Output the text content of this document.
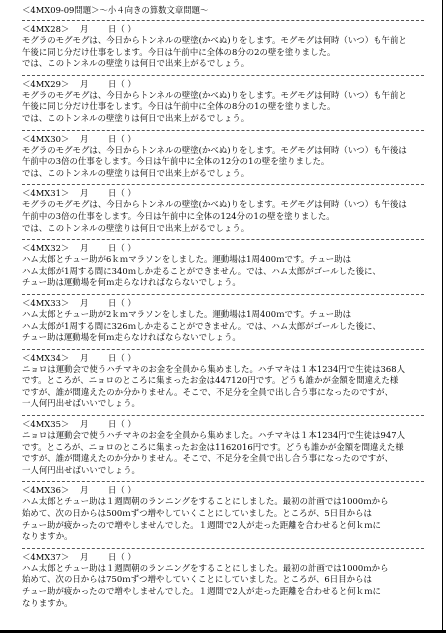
＜4MX09-09問題＞〜小４向きの算数文章問題〜
＜4MX28＞ 月 日（ ）
モグラのモグモグは、今日からトンネルの壁塗(かべぬ)りをします。モグモグは何時（いつ）も午前と
午後に同じ分だけ仕事をします。今日は午前中に全体の8分の2の壁を塗りました。
では、このトンネルの壁塗りは何日で出来上がるでしょう。
＜4MX29＞ 月 日（ ）
モグラのモグモグは、今日からトンネルの壁塗(かべぬ)りをします。モグモグは何時（いつ）も午前と
午後に同じ分だけ仕事をします。今日は午前中に全体の8分の1の壁を塗りました。
では、このトンネルの壁塗りは何日で出来上がるでしょう。
＜4MX30＞ 月 日（ ）
モグラのモグモグは、今日からトンネルの壁塗(かべぬ)りをします。モグモグは何時（いつ）も午後は
午前中の3倍の仕事をします。今日は午前中に全体の12分の1の壁を塗りました。
では、このトンネルの壁塗りは何日で出来上がるでしょう。
＜4MX31＞ 月 日（ ）
モグラのモグモグは、今日からトンネルの壁塗(かべぬ)りをします。モグモグは何時（いつ）も午後は
午前中の3倍の仕事をします。今日は午前中に全体の124分の1の壁を塗りました。
では、このトンネルの壁塗りは何日で出来上がるでしょう。
＜4MX32＞ 月 日（ ）
ハム太郎とチュー助が6ｋｍマラソンをしました。運動場は1周400ｍです。チュー助は
ハム太郎が1周する間に340ｍしか走ることができません。では、ハム太郎がゴールした後に、
チュー助は運動場を何ｍ走らなければならないでしょう。
＜4MX33＞ 月 日（ ）
ハム太郎とチュー助が2ｋｍマラソンをしました。運動場は1周400ｍです。チュー助は
ハム太郎が1周する間に326ｍしか走ることができません。では、ハム太郎がゴールした後に、
チュー助は運動場を何ｍ走らなければならないでしょう。
＜4MX34＞ 月 日（ ）
ニョロは運動会で使うハチマキのお金を全員から集めました。ハチマキは１本1234円で生徒は368人
です。ところが、ニョロのところに集まったお金は447120円です。どうも誰かが金額を間違えた様
ですが、誰が間違えたのか分かりません。そこで、不足分を全員で出し合う事になったのですが、
一人何円出せばいいでしょう。
＜4MX35＞ 月 日（ ）
ニョロは運動会で使うハチマキのお金を全員から集めました。ハチマキは１本1234円で生徒は947人
です。ところが、ニョロのところに集まったお金は1162016円です。どうも誰かが金額を間違えた様
ですが、誰が間違えたのか分かりません。そこで、不足分を全員で出し合う事になったのですが、
一人何円出せばいいでしょう。
＜4MX36＞ 月 日（ ）
ハム太郎とチュー助は１週間朝のランニングをすることにしました。最初の計画では1000ｍから
始めて、次の日からは500ｍずつ増やしていくことにしていました。ところが、5日目からは
チュー助が疲かったので増やしませんでした。１週間で2人が走った距離を合わせると何ｋｍに
なりますか。
＜4MX37＞ 月 日（ ）
ハム太郎とチュー助は１週間朝のランニングをすることにしました。最初の計画では1000ｍから
始めて、次の日からは750ｍずつ増やしていくことにしていました。ところが、6日目からは
チュー助が疲かったので増やしませんでした。１週間で2人が走った距離を合わせると何ｋｍに
なりますか。
